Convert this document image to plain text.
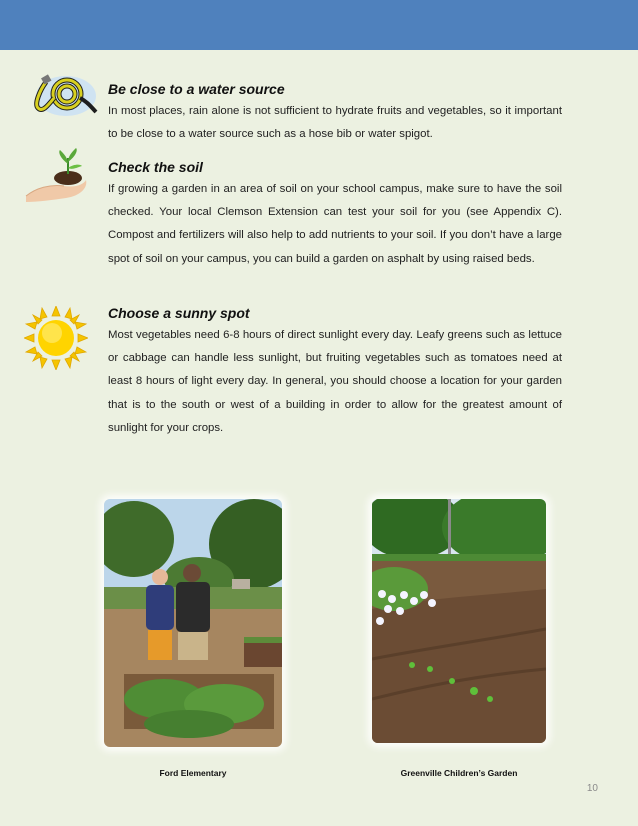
Be close to a water source

In most places, rain alone is not sufficient to hydrate fruits and vegetables, so it important to be close to a water source such as a hose bib or water spigot.

Check the soil

If growing a garden in an area of soil on your school campus, make sure to have the soil checked. Your local Clemson Extension can test your soil for you (see Appendix C). Compost and fertilizers will also help to add nutrients to your soil. If you don’t have a large spot of soil on your campus, you can build a garden on asphalt by using raised beds.

Choose a sunny spot

Most vegetables need 6-8 hours of direct sunlight every day. Leafy greens such as lettuce or cabbage can handle less sunlight, but fruiting vegetables such as tomatoes need at least 8 hours of light every day. In general, you should choose a location for your garden that is to the south or west of a building in order to allow for the greatest amount of sunlight for your crops.

Ford Elementary	Greenville Children’s Garden
10
